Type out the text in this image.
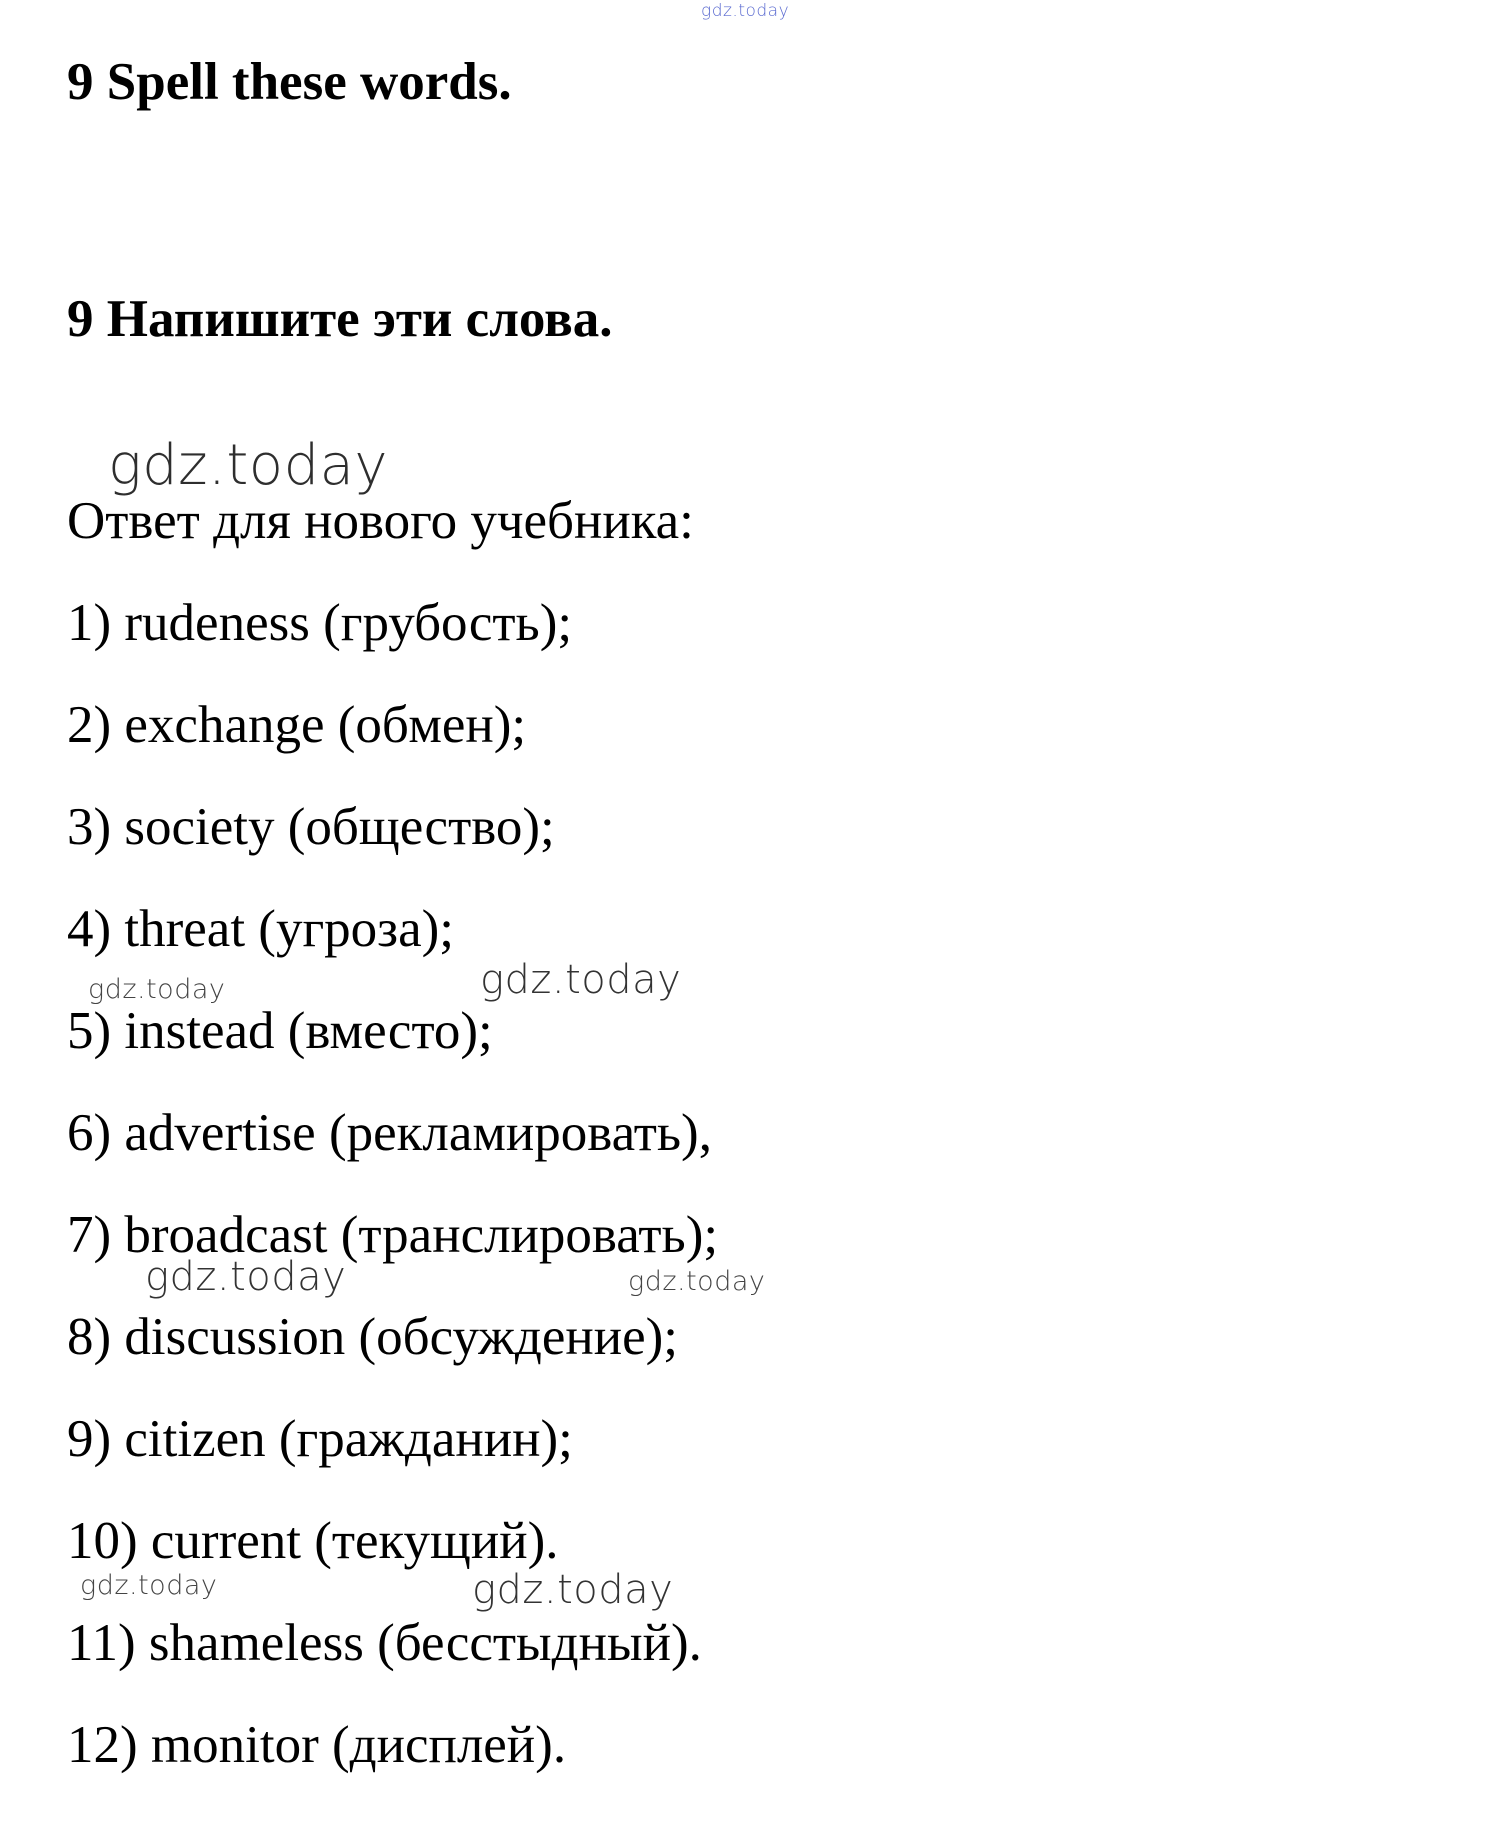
gdz.today
9 Spell these words.
9 Напишите эти слова.
gdz.today

Ответ для нового учебника:

1) rudeness (грубость);
2) exchange (обмен);
3) society (общество);
4) threat (угроза);
5) instead (вместо);
6) advertise (рекламировать),
7) broadcast (транслировать);
8) discussion (обсуждение);
9) citizen (гражданин);
10) current (текущий).
11) shameless (бесстыдный).
12) monitor (дисплей).
gdz.today	gdz.today
gdz.today	gdz.today
gdz.today	gdz.today
